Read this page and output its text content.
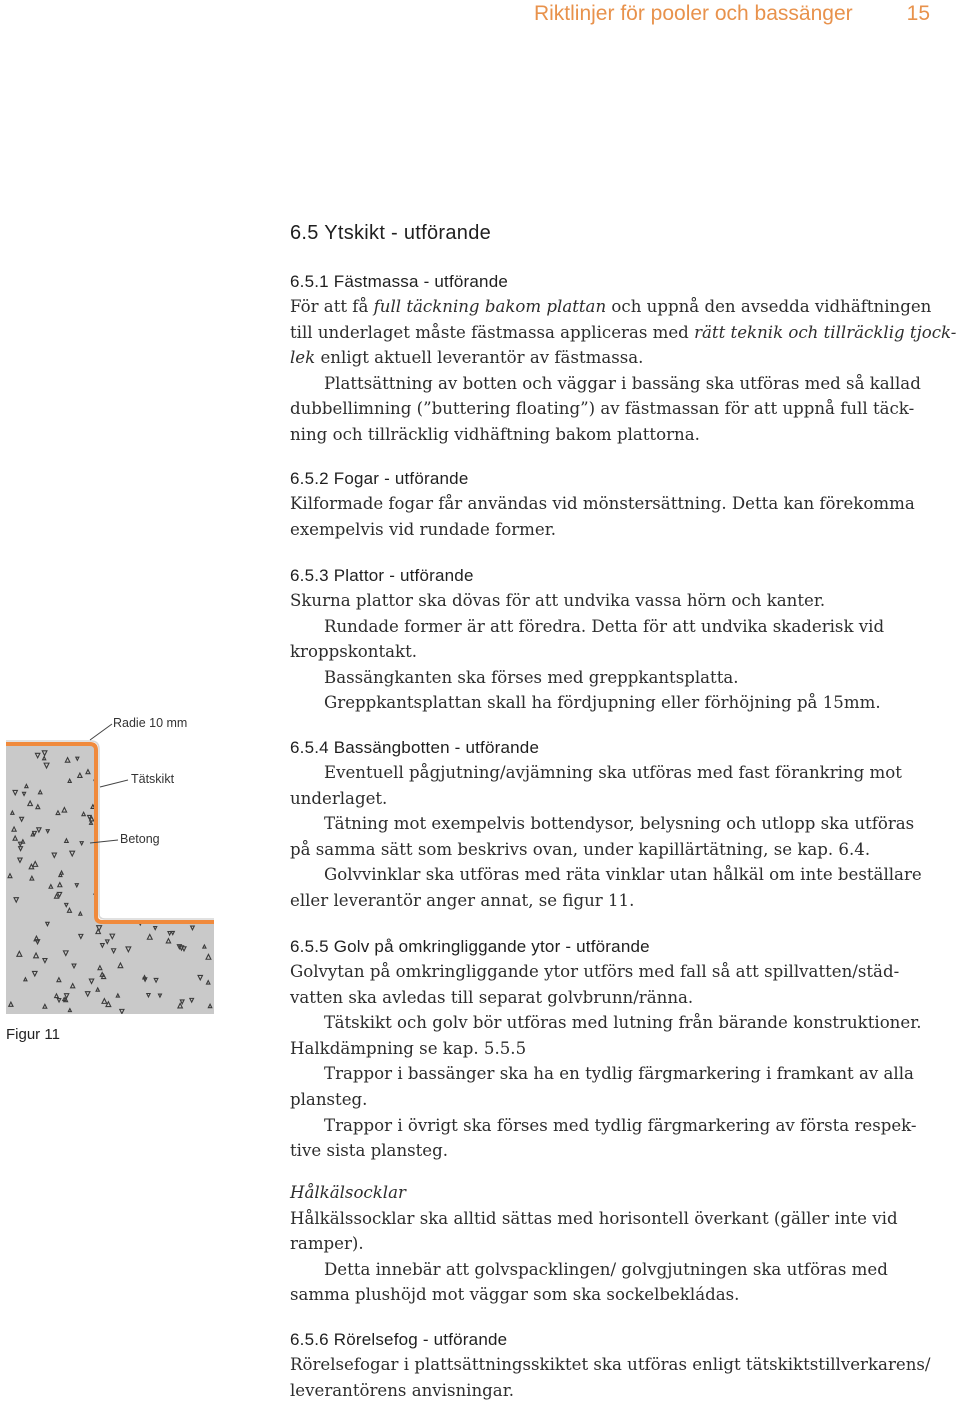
Riktlinjer för pooler och bassänger	15
Radie 10 mm
Tätskikt
Betong
Figur 11
6.5 Ytskikt - utförande
6.5.1 Fästmassa - utförande
För att få full täckning bakom plattan och uppnå den avsedda vidhäftningen
till underlaget måste fästmassa appliceras med rätt teknik och tillräcklig tjock-
lek enligt aktuell leverantör av fästmassa.
Plattsättning av botten och väggar i bassäng ska utföras med så kallad
dubbellimning (”buttering floating”) av fästmassan för att uppnå full täck-
ning och tillräcklig vidhäftning bakom plattorna.
6.5.2 Fogar - utförande
Kilformade fogar får användas vid mönstersättning. Detta kan förekomma
exempelvis vid rundade former.
6.5.3 Plattor - utförande
Skurna plattor ska dövas för att undvika vassa hörn och kanter.
Rundade former är att föredra. Detta för att undvika skaderisk vid
kroppskontakt.
Bassängkanten ska förses med greppkantsplatta.
Greppkantsplattan skall ha fördjupning eller förhöjning på 15mm.
6.5.4 Bassängbotten - utförande
Eventuell pågjutning/avjämning ska utföras med fast förankring mot
underlaget.
Tätning mot exempelvis bottendysor, belysning och utlopp ska utföras
på samma sätt som beskrivs ovan, under kapillärtätning, se kap. 6.4.
Golvvinklar ska utföras med räta vinklar utan hålkäl om inte beställare
eller leverantör anger annat, se figur 11.
6.5.5 Golv på omkringliggande ytor - utförande
Golvytan på omkringliggande ytor utförs med fall så att spillvatten/städ-
vatten ska avledas till separat golvbrunn/ränna.
Tätskikt och golv bör utföras med lutning från bärande konstruktioner.
Halkdämpning se kap. 5.5.5
Trappor i bassänger ska ha en tydlig färgmarkering i framkant av alla
plansteg.
Trappor i övrigt ska förses med tydlig färgmarkering av första respek-
tive sista plansteg.
Hålkälsocklar
Hålkälssocklar ska alltid sättas med horisontell överkant (gäller inte vid
ramper).
Detta innebär att golvspacklingen/ golvgjutningen ska utföras med
samma plushöjd mot väggar som ska sockelbekládas.
6.5.6 Rörelsefog - utförande
Rörelsefogar i plattsättningsskiktet ska utföras enligt tätskiktstillverkarens/
leverantörens anvisningar.
